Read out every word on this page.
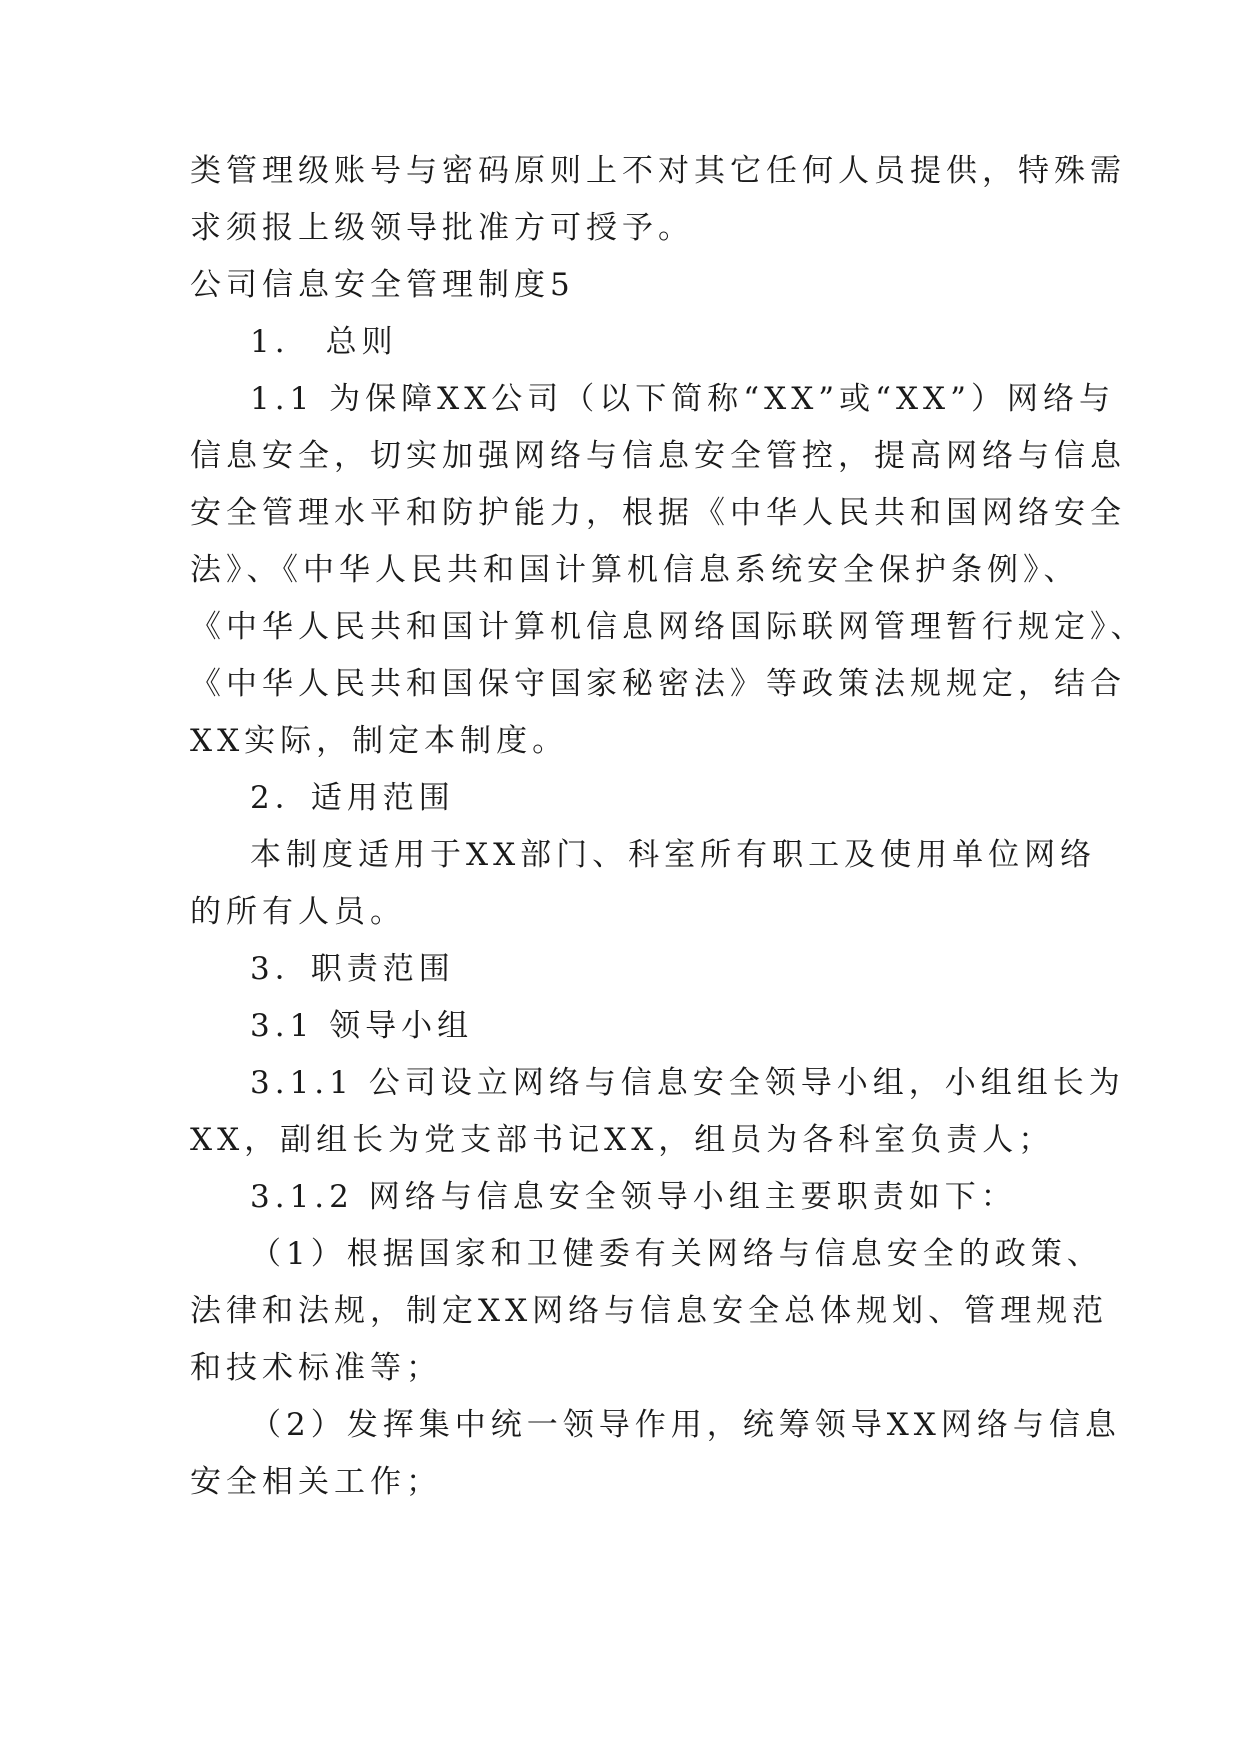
类管理级账号与密码原则上不对其它任何人员提供，特殊需
求须报上级领导批准方可授予。
公司信息安全管理制度5
1.　总则
1.1 为保障XX公司（以下简称“XX”或“XX”）网络与
信息安全，切实加强网络与信息安全管控，提高网络与信息
安全管理水平和防护能力，根据《中华人民共和国网络安全
法》、《中华人民共和国计算机信息系统安全保护条例》、
《中华人民共和国计算机信息网络国际联网管理暂行规定》、
《中华人民共和国保守国家秘密法》等政策法规规定，结合
XX实际，制定本制度。
2．适用范围
本制度适用于XX部门、科室所有职工及使用单位网络
的所有人员。
3．职责范围
3.1 领导小组
3.1.1 公司设立网络与信息安全领导小组，小组组长为
XX，副组长为党支部书记XX，组员为各科室负责人；
3.1.2 网络与信息安全领导小组主要职责如下：
（1）根据国家和卫健委有关网络与信息安全的政策、
法律和法规，制定XX网络与信息安全总体规划、管理规范
和技术标准等；
（2）发挥集中统一领导作用，统筹领导XX网络与信息
安全相关工作；
